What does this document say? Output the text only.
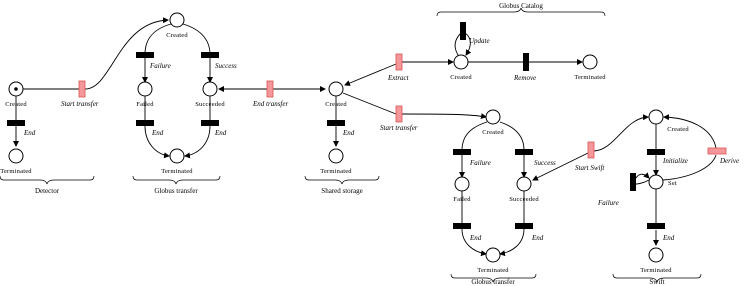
Created
Terminated
Created
Failed	Succeeded
Terminated
Created
Terminated
Created	Terminated
Created
Failed	Succeeded
Terminated
Created
Set
Terminated
End
Start transfer
Failure	Success
End	End
End transfer
End
Extract
Start transfer
Update
Remove
Failure	Success
End	End
Start Swift
Initialize	Derive
Failure
End
Detector	Globus transfer	Shared storage
Globus Catalog
Globus transfer	Swift
